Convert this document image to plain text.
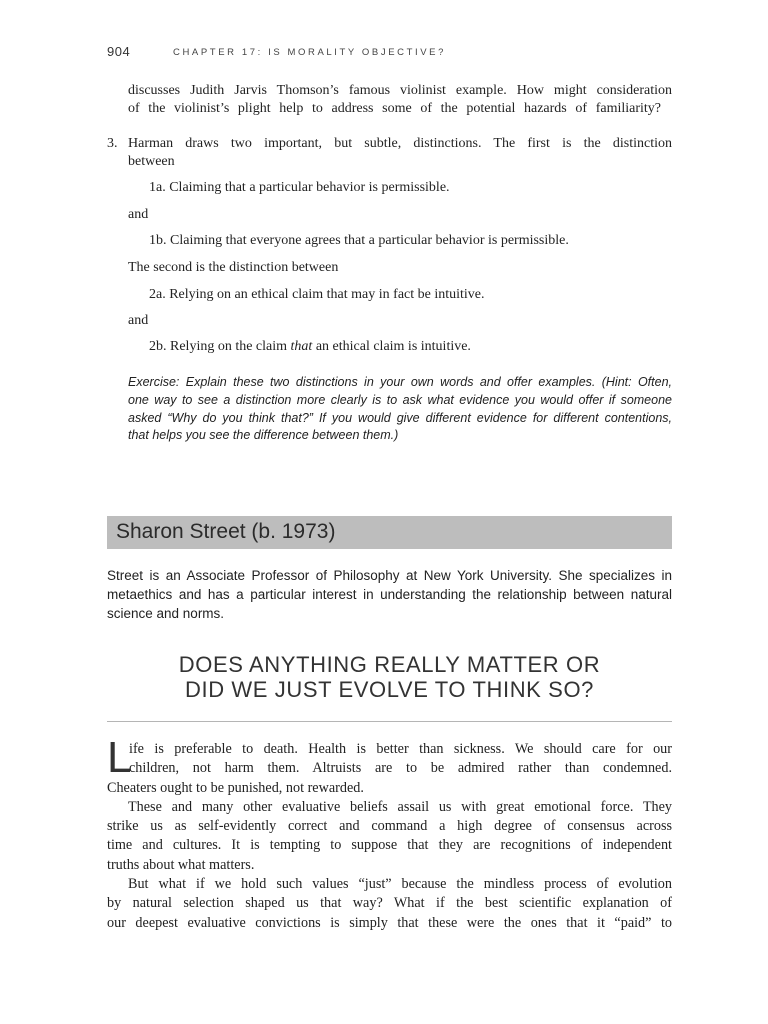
904	CHAPTER 17: IS MORALITY OBJECTIVE?
discusses Judith Jarvis Thomson’s famous violinist example. How might consideration
of the violinist’s plight help to address some of the potential hazards of familiarity?
3. Harman draws two important, but subtle, distinctions. The first is the distinction
between
1a. Claiming that a particular behavior is permissible.
and
1b. Claiming that everyone agrees that a particular behavior is permissible.
The second is the distinction between
2a. Relying on an ethical claim that may in fact be intuitive.
and
2b. Relying on the claim that an ethical claim is intuitive.
Exercise: Explain these two distinctions in your own words and offer examples. (Hint: Often,
one way to see a distinction more clearly is to ask what evidence you would offer if someone
asked “Why do you think that?” If you would give different evidence for different contentions,
that helps you see the difference between them.)
Sharon Street (b. 1973)
Street is an Associate Professor of Philosophy at New York University. She specializes in
metaethics and has a particular interest in understanding the relationship between natural
science and norms.
DOES ANYTHING REALLY MATTER OR
DID WE JUST EVOLVE TO THINK SO?
L
ife is preferable to death. Health is better than sickness. We should care for our
children, not harm them. Altruists are to be admired rather than condemned.
Cheaters ought to be punished, not rewarded.
These and many other evaluative beliefs assail us with great emotional force. They
strike us as self-evidently correct and command a high degree of consensus across
time and cultures. It is tempting to suppose that they are recognitions of independent
truths about what matters.
But what if we hold such values “just” because the mindless process of evolution
by natural selection shaped us that way? What if the best scientific explanation of
our deepest evaluative convictions is simply that these were the ones that it “paid” to
